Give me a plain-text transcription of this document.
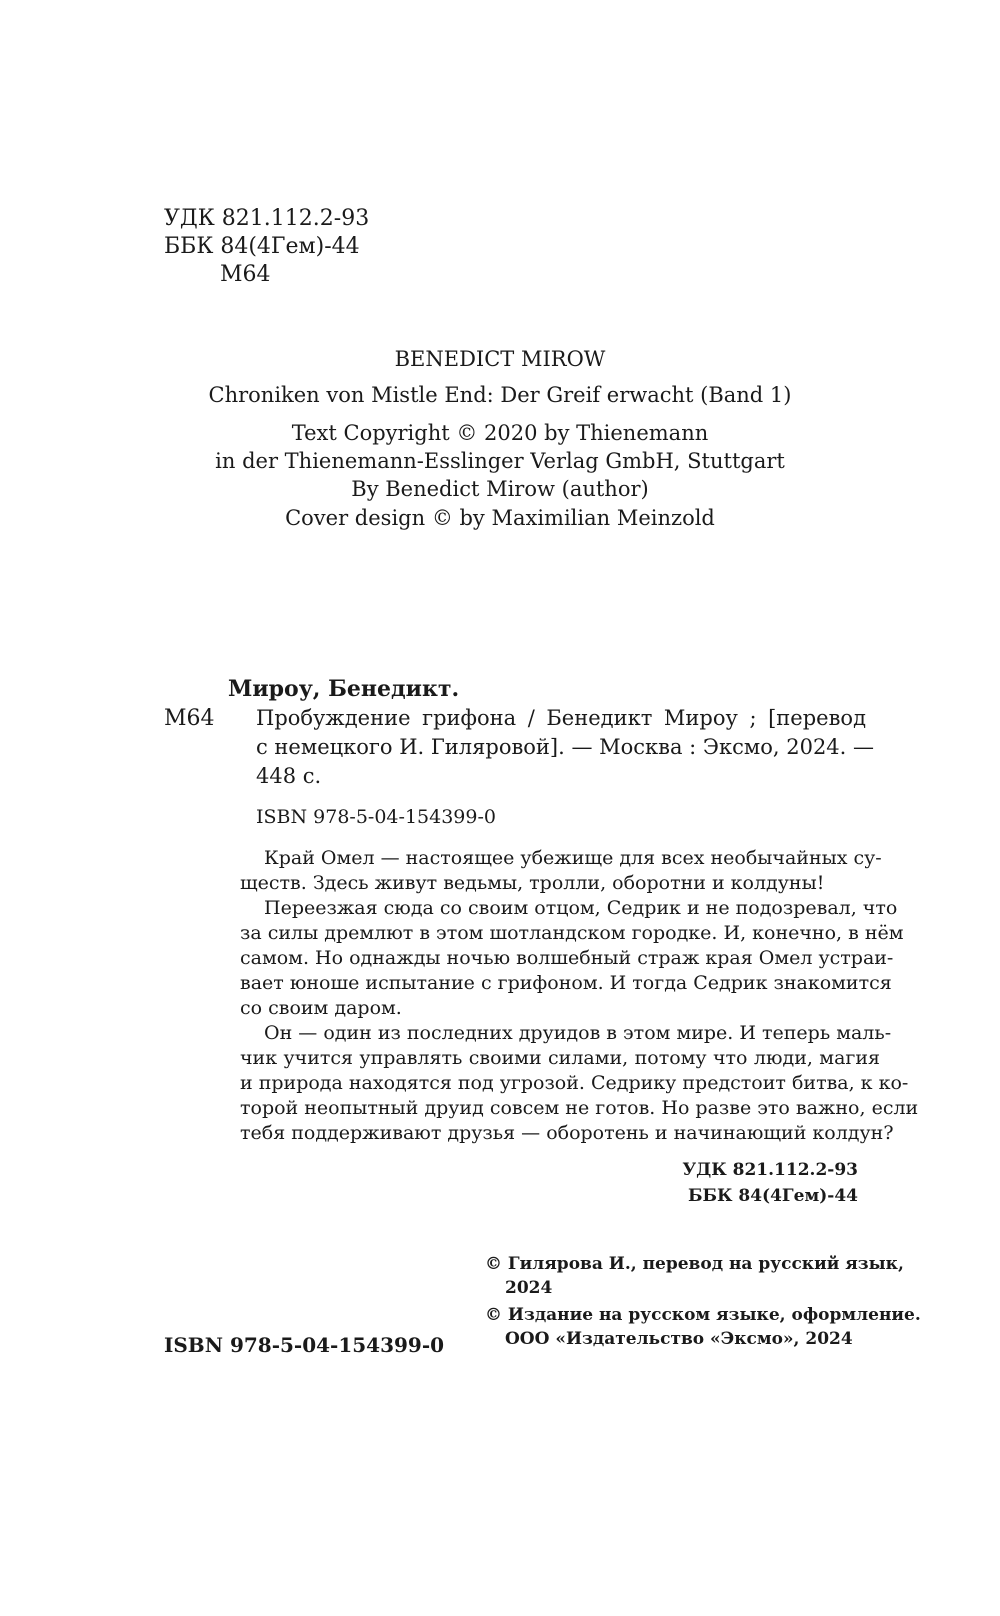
УДК 821.112.2-93
ББК 84(4Гем)-44
М64
BENEDICT MIROW
Chroniken von Mistle End: Der Greif erwacht (Band 1)
Text Copyright © 2020 by Thienemann
in der Thienemann-Esslinger Verlag GmbH, Stuttgart
By Benedict Mirow (author)
Cover design © by Maximilian Meinzold
Мироу, Бенедикт.
М64 Пробуждение грифона / Бенедикт Мироу ; [перевод
с немецкого И. Гиляровой]. — Москва : Эксмо, 2024. —
448 с.
ISBN 978-5-04-154399-0
Край Омел — настоящее убежище для всех необычайных су-
ществ. Здесь живут ведьмы, тролли, оборотни и колдуны!
Переезжая сюда со своим отцом, Седрик и не подозревал, что
за силы дремлют в этом шотландском городке. И, конечно, в нём
самом. Но однажды ночью волшебный страж края Омел устраи-
вает юноше испытание с грифоном. И тогда Седрик знакомится
со своим даром.
Он — один из последних друидов в этом мире. И теперь маль-
чик учится управлять своими силами, потому что люди, магия
и природа находятся под угрозой. Седрику предстоит битва, к ко-
торой неопытный друид совсем не готов. Но разве это важно, если
тебя поддерживают друзья — оборотень и начинающий колдун?
УДК 821.112.2-93
ББК 84(4Гем)-44
ISBN 978-5-04-154399-0
© Гилярова И., перевод на русский язык,
2024
© Издание на русском языке, оформление.
ООО «Издательство «Эксмо», 2024
